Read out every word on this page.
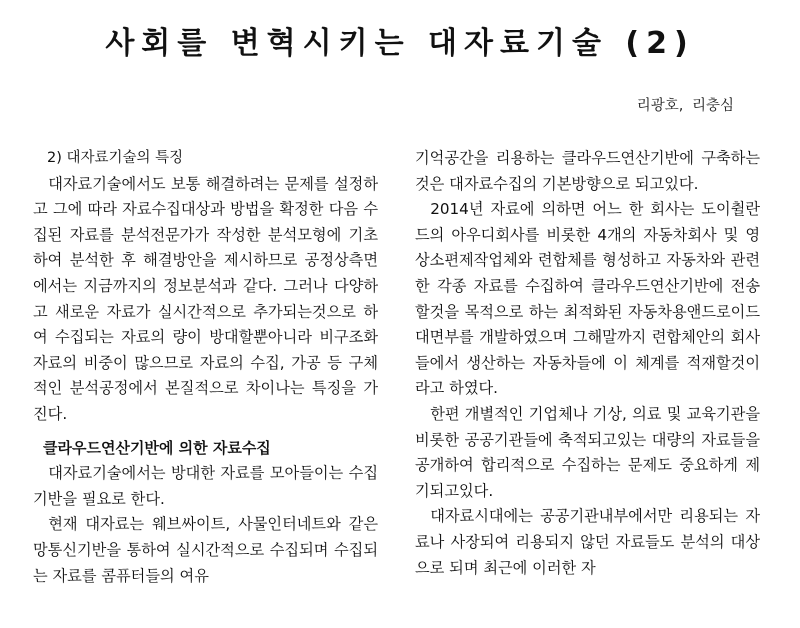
사회를 변혁시키는 대자료기술 (2)
리광호, 리충심
2) 대자료기술의 특징

대자료기술에서도 보통 해결하려는 문제를 설정하고 그에 따라 자료수집대상과 방법을 확정한 다음 수집된 자료를 분석전문가가 작성한 분석모형에 기초하여 분석한 후 해결방안을 제시하므로 공정상측면에서는 지금까지의 정보분석과 같다. 그러나 다양하고 새로운 자료가 실시간적으로 추가되는것으로 하여 수집되는 자료의 량이 방대할뿐아니라 비구조화자료의 비중이 많으므로 자료의 수집, 가공 등 구체적인 분석공정에서 본질적으로 차이나는 특징을 가진다.

클라우드연산기반에 의한 자료수집

대자료기술에서는 방대한 자료를 모아들이는 수집기반을 필요로 한다.

현재 대자료는 웨브싸이트, 사물인터네트와 같은 망통신기반을 통하여 실시간적으로 수집되며 수집되는 자료를 콤퓨터들의 여유

기억공간을 리용하는 클라우드연산기반에 구축하는것은 대자료수집의 기본방향으로 되고있다.

2014년 자료에 의하면 어느 한 회사는 도이췰란드의 아우디회사를 비롯한 4개의 자동차회사 및 영상소편제작업체와 련합체를 형성하고 자동차와 관련한 각종 자료를 수집하여 클라우드연산기반에 전송할것을 목적으로 하는 최적화된 자동차용앤드로이드대면부를 개발하였으며 그해말까지 련합체안의 회사들에서 생산하는 자동차들에 이 체계를 적재할것이라고 하였다.

한편 개별적인 기업체나 기상, 의료 및 교육기관을 비롯한 공공기관들에 축적되고있는 대량의 자료들을 공개하여 합리적으로 수집하는 문제도 중요하게 제기되고있다.

대자료시대에는 공공기관내부에서만 리용되는 자료나 사장되여 리용되지 않던 자료들도 분석의 대상으로 되며 최근에 이러한 자
